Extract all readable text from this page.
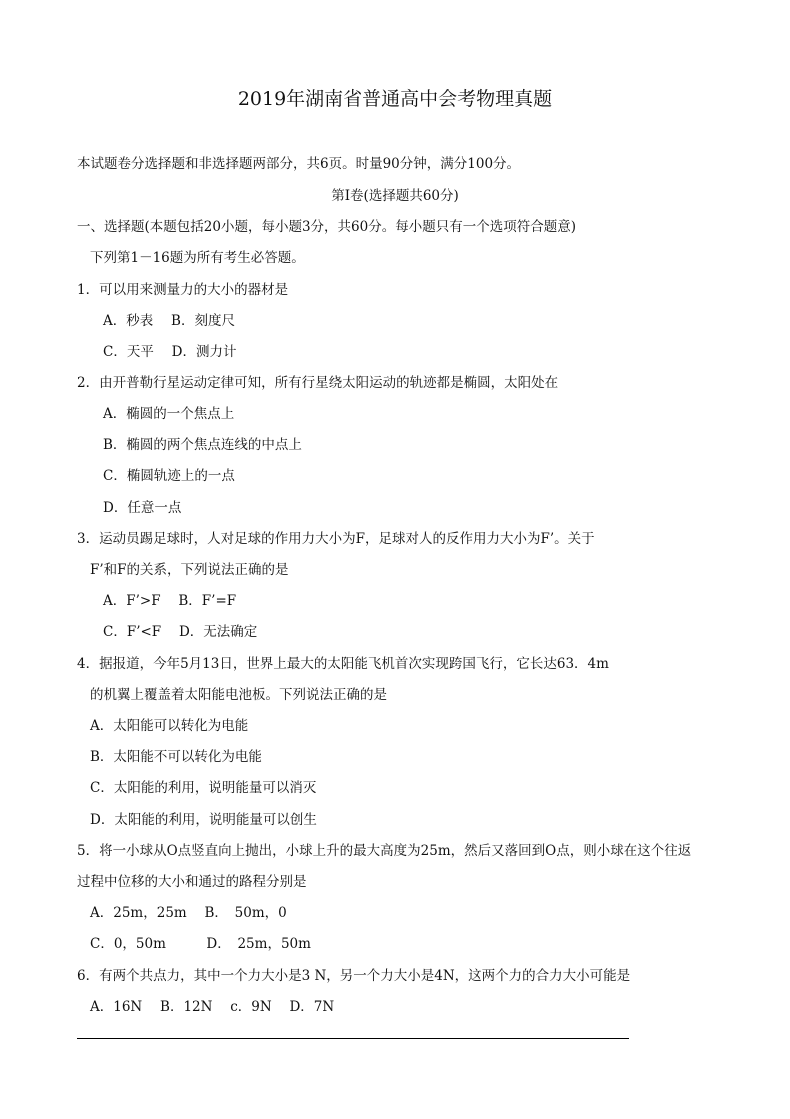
2019年湖南省普通高中会考物理真题
本试题卷分选择题和非选择题两部分，共6页。时量90分钟，满分100分。
第Ⅰ卷(选择题共60分)
一、选择题(本题包括20小题，每小题3分，共60分。每小题只有一个选项符合题意)
下列第1－16题为所有考生必答题。
1．可以用来测量力的大小的器材是
A．秒表　 B．刻度尺
C．天平　 D．测力计
2．由开普勒行星运动定律可知，所有行星绕太阳运动的轨迹都是椭圆，太阳处在
A．椭圆的一个焦点上
B．椭圆的两个焦点连线的中点上
C．椭圆轨迹上的一点
D．任意一点
3．运动员踢足球时，人对足球的作用力大小为F，足球对人的反作用力大小为F’。关于
F’和F的关系，下列说法正确的是
A．F’>F　 B．F’=F
C．F’<F　 D．无法确定
4．据报道，今年5月13日，世界上最大的太阳能飞机首次实现跨国飞行，它长达63．4m
的机翼上覆盖着太阳能电池板。下列说法正确的是
A．太阳能可以转化为电能
B．太阳能不可以转化为电能
C．太阳能的利用，说明能量可以消灭
D．太阳能的利用，说明能量可以创生
5．将一小球从O点竖直向上抛出，小球上升的最大高度为25m，然后又落回到O点，则小球在这个往返
过程中位移的大小和通过的路程分别是
A．25m，25m　 B．　50m，0
C．0，50m　　　D．　25m，50m
6．有两个共点力，其中一个力大小是3 N，另一个力大小是4N，这两个力的合力大小可能是
A．16N　 B．12N　 c．9N　 D．7N
